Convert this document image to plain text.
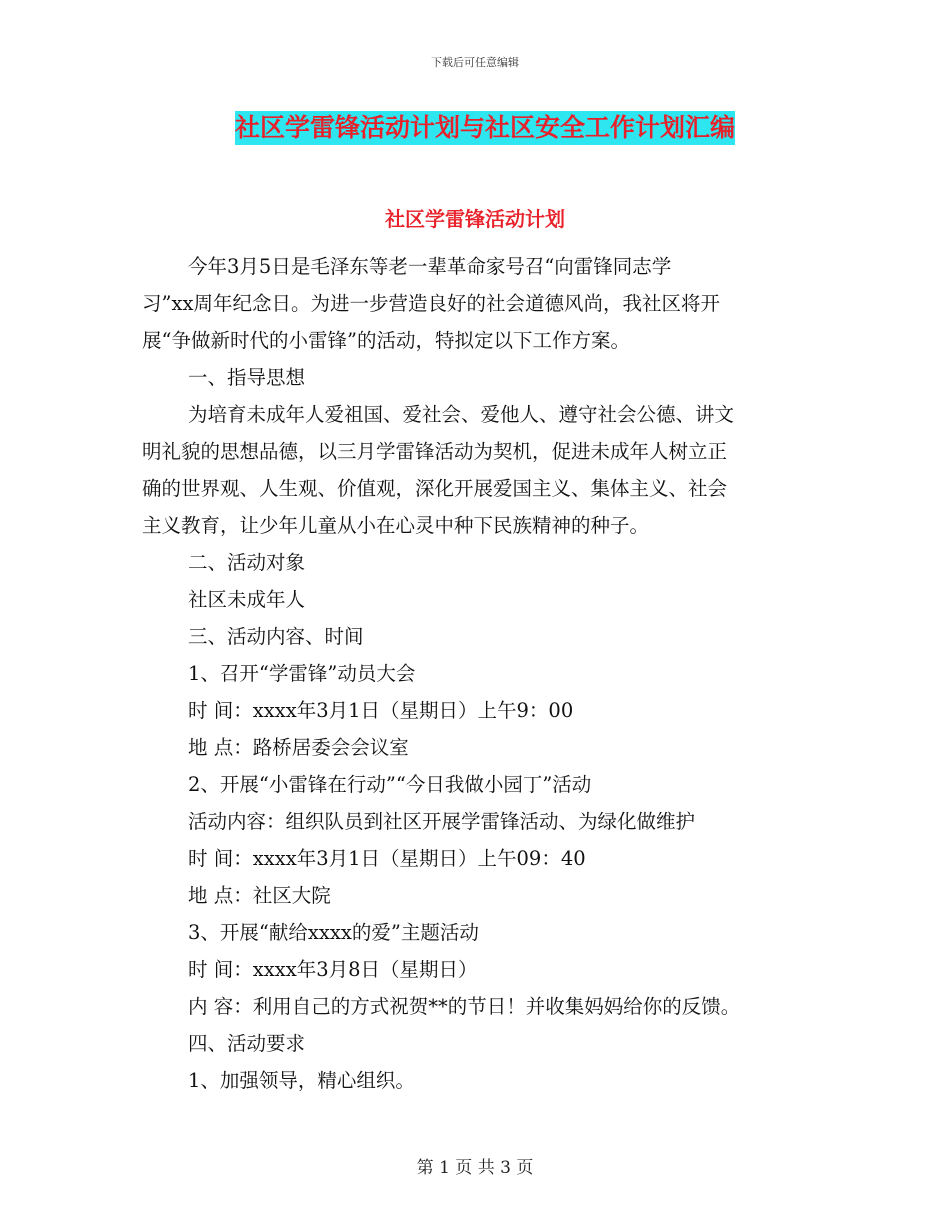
下载后可任意编辑
社区学雷锋活动计划与社区安全工作计划汇编
社区学雷锋活动计划

今年3月5日是毛泽东等老一辈革命家号召“向雷锋同志学

习”xx周年纪念日。为进一步营造良好的社会道德风尚，我社区将开

展“争做新时代的小雷锋”的活动，特拟定以下工作方案。

一、指导思想

为培育未成年人爱祖国、爱社会、爱他人、遵守社会公德、讲文

明礼貌的思想品德，以三月学雷锋活动为契机，促进未成年人树立正

确的世界观、人生观、价值观，深化开展爱国主义、集体主义、社会

主义教育，让少年儿童从小在心灵中种下民族精神的种子。

二、活动对象

社区未成年人

三、活动内容、时间

1、召开“学雷锋”动员大会

时 间：xxxx年3月1日（星期日）上午9：00

地 点：路桥居委会会议室

2、开展“小雷锋在行动”“今日我做小园丁”活动

活动内容：组织队员到社区开展学雷锋活动、为绿化做维护

时 间：xxxx年3月1日（星期日）上午09：40

地 点：社区大院

3、开展“献给xxxx的爱”主题活动

时 间：xxxx年3月8日（星期日）

内 容：利用自己的方式祝贺**的节日！并收集妈妈给你的反馈。

四、活动要求

1、加强领导，精心组织。

第 1 页 共 3 页
